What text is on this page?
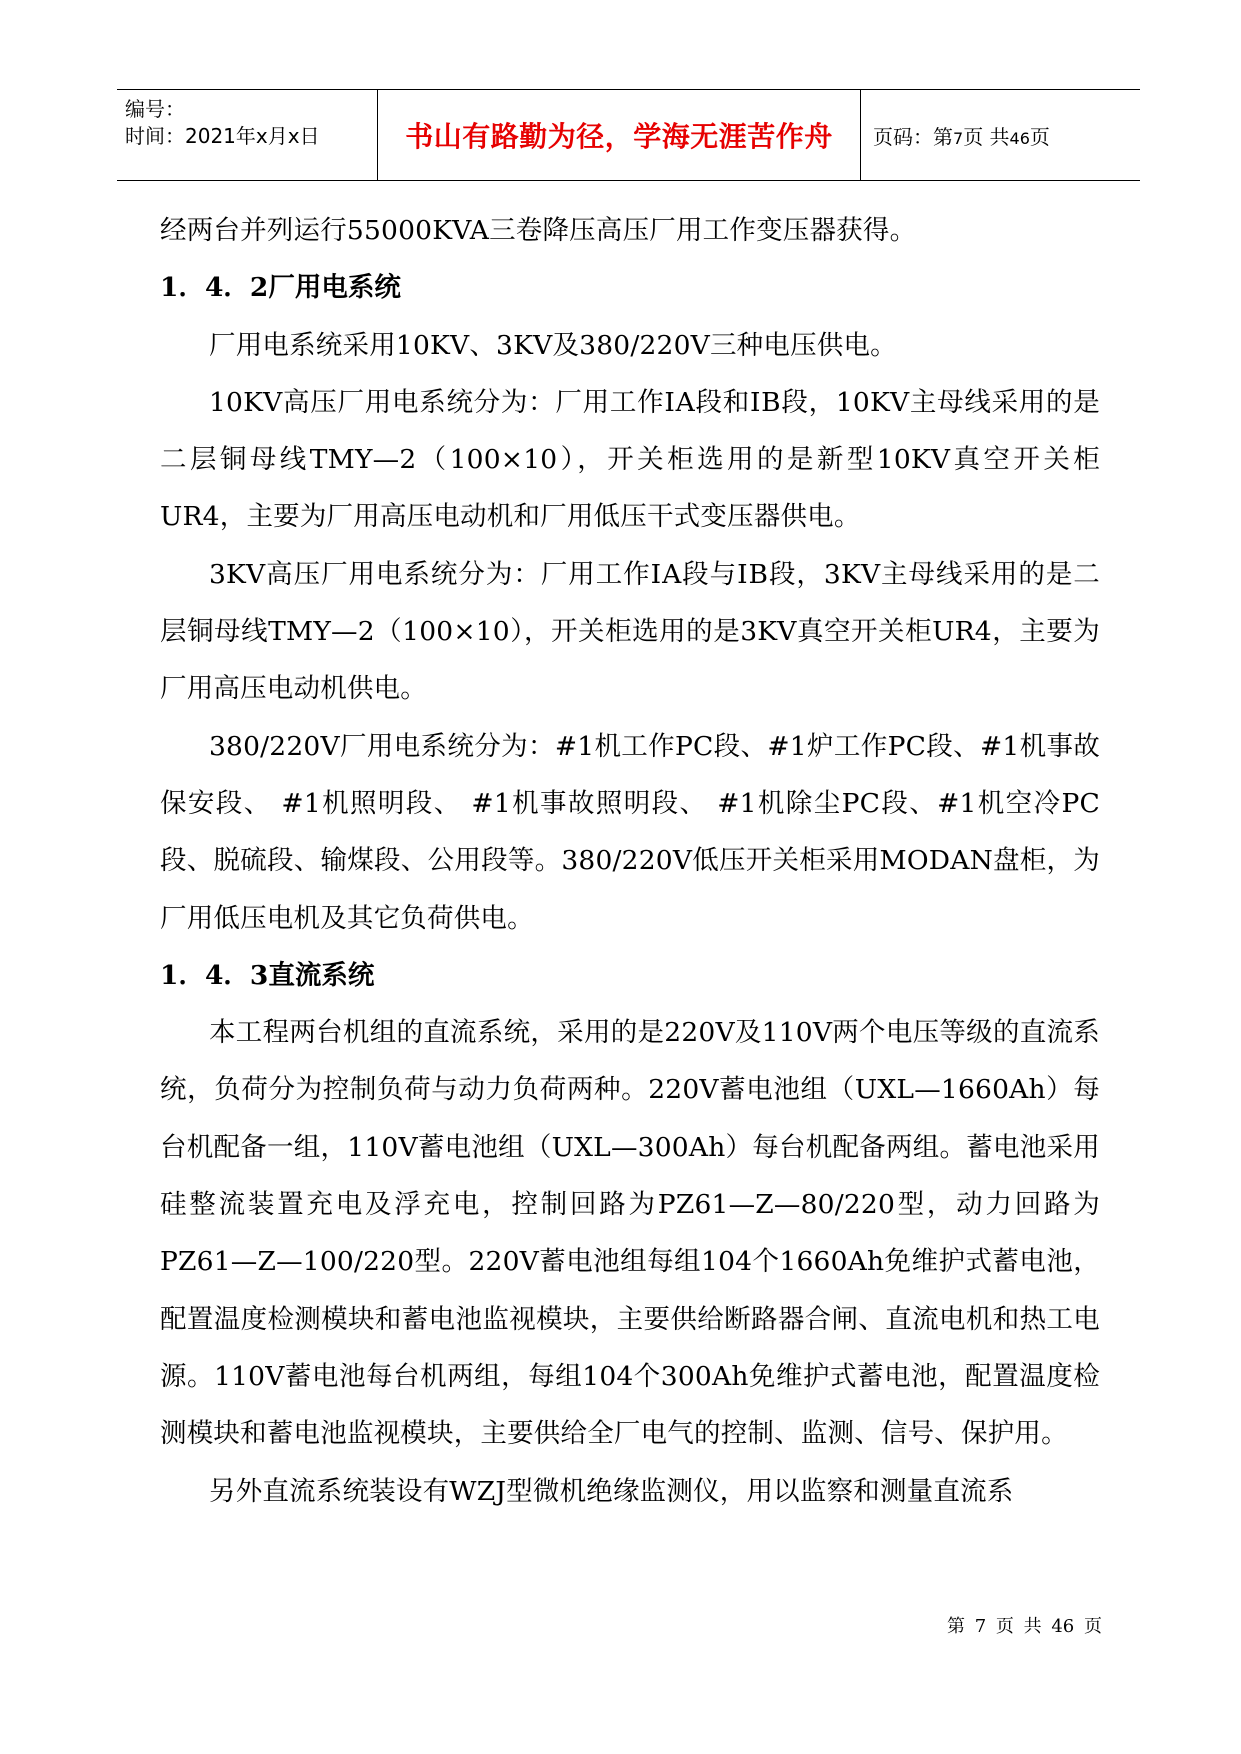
编号：
时间：2021年x月x日	书山有路勤为径，学海无涯苦作舟 页码：第7页 共46页

经两台并列运行55000KVA三卷降压高压厂用工作变压器获得。

1．4．2厂用电系统

厂用电系统采用10KV、3KV及380/220V三种电压供电。

10KV高压厂用电系统分为：厂用工作ⅠA段和ⅠB段，10KV主母线采用的是二层铜母线TMY—2（100×10），开关柜选用的是新型10KV真空开关柜UR4，主要为厂用高压电动机和厂用低压干式变压器供电。

3KV高压厂用电系统分为：厂用工作ⅠA段与ⅠB段，3KV主母线采用的是二层铜母线TMY—2（100×10），开关柜选用的是3KV真空开关柜UR4，主要为厂用高压电动机供电。

380/220V厂用电系统分为：#1机工作PC段、#1炉工作PC段、#1机事故保安段、 #1机照明段、 #1机事故照明段、 #1机除尘PC段、#1机空冷PC段、脱硫段、输煤段、公用段等。380/220V低压开关柜采用MODAN盘柜，为厂用低压电机及其它负荷供电。

1．4．3直流系统

本工程两台机组的直流系统，采用的是220V及110V两个电压等级的直流系统，负荷分为控制负荷与动力负荷两种。220V蓄电池组（UXL—1660Ah）每台机配备一组，110V蓄电池组（UXL—300Ah）每台机配备两组。蓄电池采用硅整流装置充电及浮充电，控制回路为PZ61—Z—80/220型，动力回路为PZ61—Z—100/220型。220V蓄电池组每组104个1660Ah免维护式蓄电池，配置温度检测模块和蓄电池监视模块，主要供给断路器合闸、直流电机和热工电源。110V蓄电池每台机两组，每组104个300Ah免维护式蓄电池，配置温度检测模块和蓄电池监视模块，主要供给全厂电气的控制、监测、信号、保护用。

另外直流系统装设有WZJ型微机绝缘监测仪，用以监察和测量直流系

第 7 页 共 46 页
